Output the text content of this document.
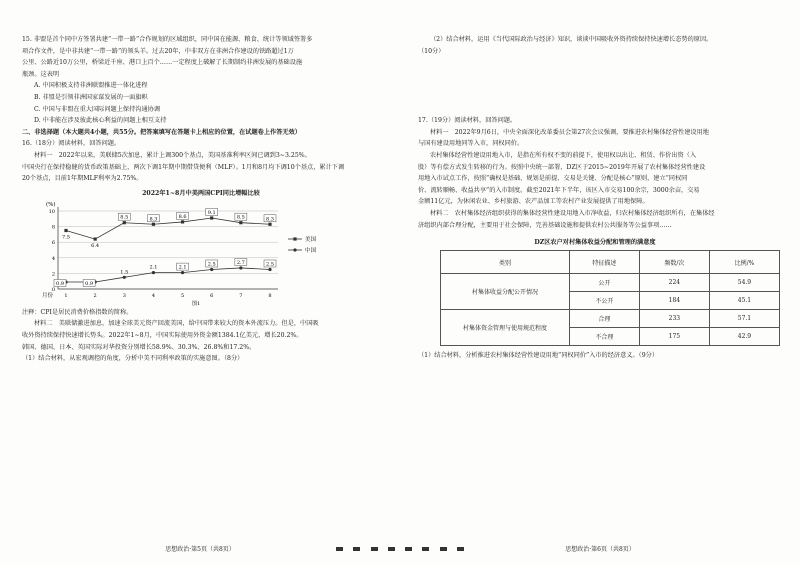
15. 非盟是首个同中方签署共建“一带一路”合作规划的区域组织，同中国在能源、粮食、统计等领域签署多

项合作文件，是中非共建“一带一路”的领头羊。过去20年，中非双方在非洲合作建设的铁路超过1万

公里、公路近10万公里，桥梁近千座、港口上百个……一定程度上破解了长期制约非洲发展的基础设施

瓶颈。这表明

A. 中国积极支持非洲联盟推进一体化进程

B. 非盟是引领非洲国家谋发展的一面旗帜

C. 中国与非盟在重大国际问题上保持沟通协调

D. 中非能在涉及彼此核心利益的问题上相互支持

二、非选择题（本大题共4小题，共55分。把答案填写在答题卡上相应的位置，在试题卷上作答无效）

16.（18分）阅读材料，回答问题。

材料一　2022年以来，美联储5次加息，累计上调300个基点，美国基准利率区间已调到3~3.25%。

中国央行在保持稳健的货币政策基础上，两次下调1年期中期借贷便利（MLF）。1月和8月均下调10个基点，累计下调

20个基点，目前1年期MLF利率为2.75%。

2022年1~8月中美两国CPI同比增幅比较
(%)
0
2
4
6
8
10
1	2	3	4	5	6	7	8
7.5
6.4
8.5	8.3	8.6
9.1
8.5	8.3
0.9	0.9
1.5
2.1	2.1
2.5	2.7	2.5
美国
中国
月份
图1

注释：CPI是居民消费价格指数的简称。

材料二　美联储激进加息，加速全球美元资产回流美国，给中国带来较大的资本外流压力。但是，中国吸

收外资持续保持快速增长势头。2022年1~8月，中国实际使用外资金额1384.1亿美元，增长20.2%。

韩国、德国、日本、英国实际对华投资分别增长58.9%、30.3%、26.8%和17.2%。

（1）结合材料，从宏观调控的角度，分析中美不同利率政策的实施意图。（8分）

（2）结合材料，运用《当代国际政治与经济》知识，谈谈中国吸收外资持续保持快速增长态势的原因。

（10分）

17.（19分）阅读材料，回答问题。

材料一　2022年9月6日，中央全面深化改革委员会第27次会议强调，要推进农村集体经营性建设用地

与国有建设用地同等入市，同权同价。

农村集体经营性建设用地入市，是指在所有权不变的前提下，使用权以出让、租赁、作价出资（入

股）等有偿方式发生转移的行为。按照中央统一部署，DZ区于2015~2019年开展了农村集体经营性建设

用地入市试点工作，按照“确权是基础、规划是前提、交易是关键、分配是核心”原则，建立“同权同

价、流转顺畅、收益共享”的入市制度。截至2021年下半年，该区入市交易100余宗，3000余亩，交易

金额11亿元，为休闲农业、乡村旅游、农产品加工等农村产业发展提供了用地保障。

材料二　农村集体经济组织获得的集体经营性建设用地入市净收益，归农村集体经济组织所有，在集体经

济组织内部合理分配，主要用于社会保障，完善基础设施和提供农村公共服务等公益事项……

DZ区农户对村集体收益分配和管理的满意度
类别	特征描述	频数/次	比例/%
村集体收益分配公开情况	公开	224	54.9
	不公开	184	45.1
村集体资金管理与使用规范程度	合理	233	57.1
	不合理	175	42.9

（1）结合材料，分析推进农村集体经营性建设用地“同权同价”入市的经济意义。（9分）

思想政治·第5页（共8页）	思想政治·第6页（共8页）
